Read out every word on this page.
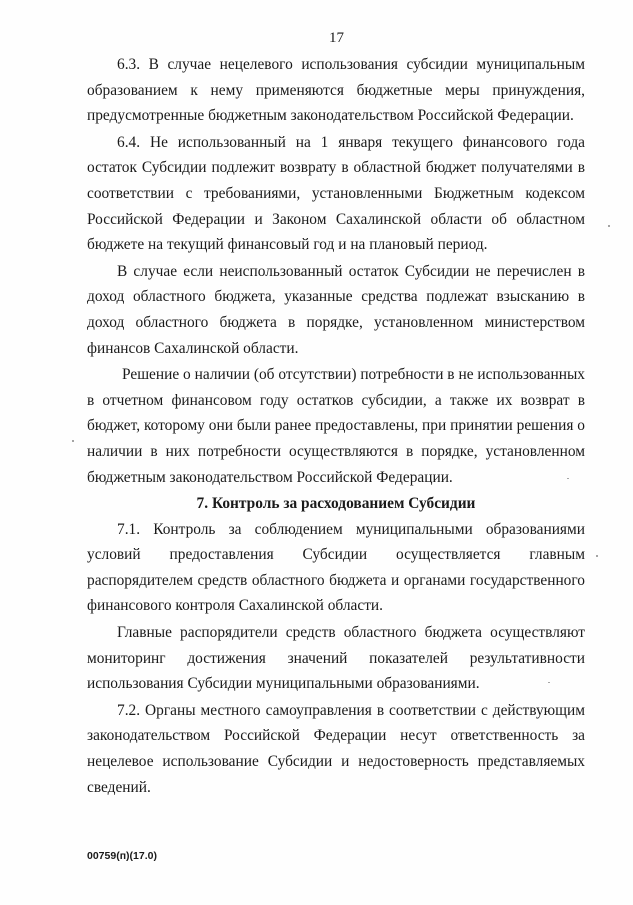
17

6.3. В случае нецелевого использования субсидии муниципальным образованием к нему применяются бюджетные меры принуждения, предусмотренные бюджетным законодательством Российской Федерации.

6.4. Не использованный на 1 января текущего финансового года остаток Субсидии подлежит возврату в областной бюджет получателями в соответствии с требованиями, установленными Бюджетным кодексом Российской Федерации и Законом Сахалинской области об областном бюджете на текущий финансовый год и на плановый период.

В случае если неиспользованный остаток Субсидии не перечислен в доход областного бюджета, указанные средства подлежат взысканию в доход областного бюджета в порядке, установленном министерством финансов Сахалинской области.

Решение о наличии (об отсутствии) потребности в не использованных в отчетном финансовом году остатков субсидии, а также их возврат в бюджет, которому они были ранее предоставлены, при принятии решения о наличии в них потребности осуществляются в порядке, установленном бюджетным законодательством Российской Федерации.

7. Контроль за расходованием Субсидии

7.1. Контроль за соблюдением муниципальными образованиями условий предоставления Субсидии осуществляется главным распорядителем средств областного бюджета и органами государственного финансового контроля Сахалинской области.

Главные распорядители средств областного бюджета осуществляют мониторинг достижения значений показателей результативности использования Субсидии муниципальными образованиями.

7.2. Органы местного самоуправления в соответствии с действующим законодательством Российской Федерации несут ответственность за нецелевое использование Субсидии и недостоверность представляемых сведений.

00759(п)(17.0)
